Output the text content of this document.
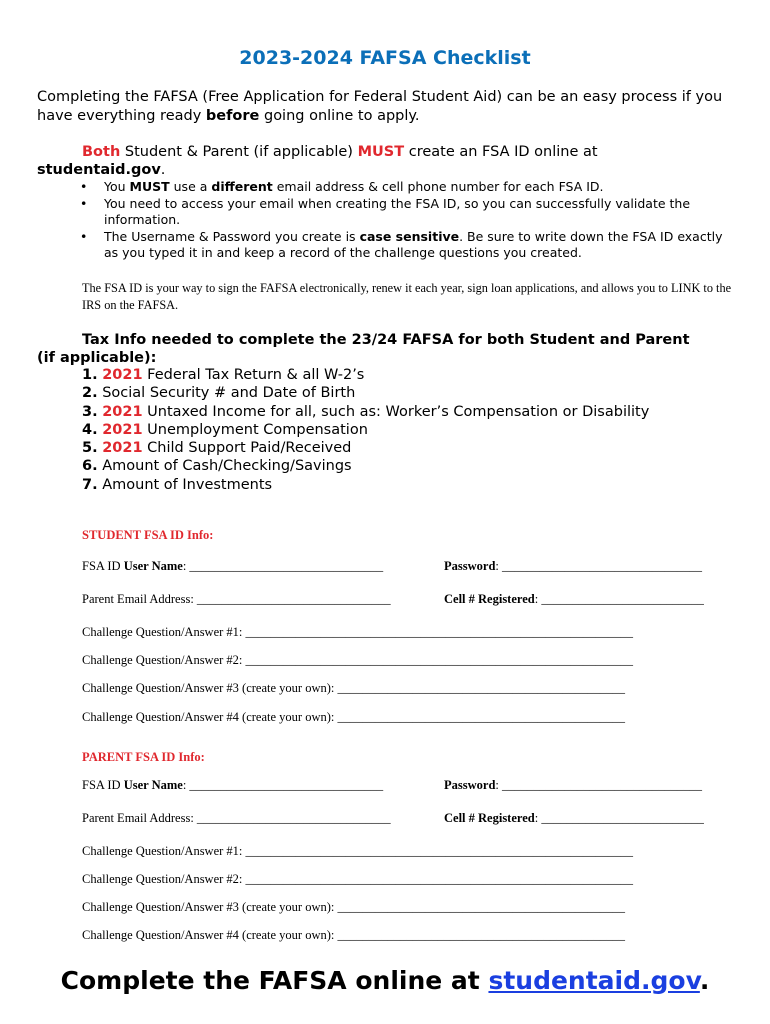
2023-2024 FAFSA Checklist
Completing the FAFSA (Free Application for Federal Student Aid) can be an easy process if you have everything ready before going online to apply.
Both Student & Parent (if applicable) MUST create an FSA ID online at
studentaid.gov.
• You MUST use a different email address & cell phone number for each FSA ID.
• You need to access your email when creating the FSA ID, so you can successfully validate the information.
• The Username & Password you create is case sensitive. Be sure to write down the FSA ID exactly as you typed it in and keep a record of the challenge questions you created.
The FSA ID is your way to sign the FAFSA electronically, renew it each year, sign loan applications, and allows you to LINK to the IRS on the FAFSA.
Tax Info needed to complete the 23/24 FAFSA for both Student and Parent
(if applicable):
1. 2021 Federal Tax Return & all W-2’s
2. Social Security # and Date of Birth
3. 2021 Untaxed Income for all, such as: Worker’s Compensation or Disability
4. 2021 Unemployment Compensation
5. 2021 Child Support Paid/Received
6. Amount of Cash/Checking/Savings
7. Amount of Investments
STUDENT FSA ID Info:
FSA ID User Name: _______________________________	Password: ________________________________
Parent Email Address: _______________________________	Cell # Registered: __________________________
Challenge Question/Answer #1: ______________________________________________________________
Challenge Question/Answer #2: ______________________________________________________________
Challenge Question/Answer #3 (create your own): ______________________________________________
Challenge Question/Answer #4 (create your own): ______________________________________________
PARENT FSA ID Info:
FSA ID User Name: _______________________________	Password: ________________________________
Parent Email Address: _______________________________	Cell # Registered: __________________________
Challenge Question/Answer #1: ______________________________________________________________
Challenge Question/Answer #2: ______________________________________________________________
Challenge Question/Answer #3 (create your own): ______________________________________________
Challenge Question/Answer #4 (create your own): ______________________________________________
Complete the FAFSA online at studentaid.gov.
